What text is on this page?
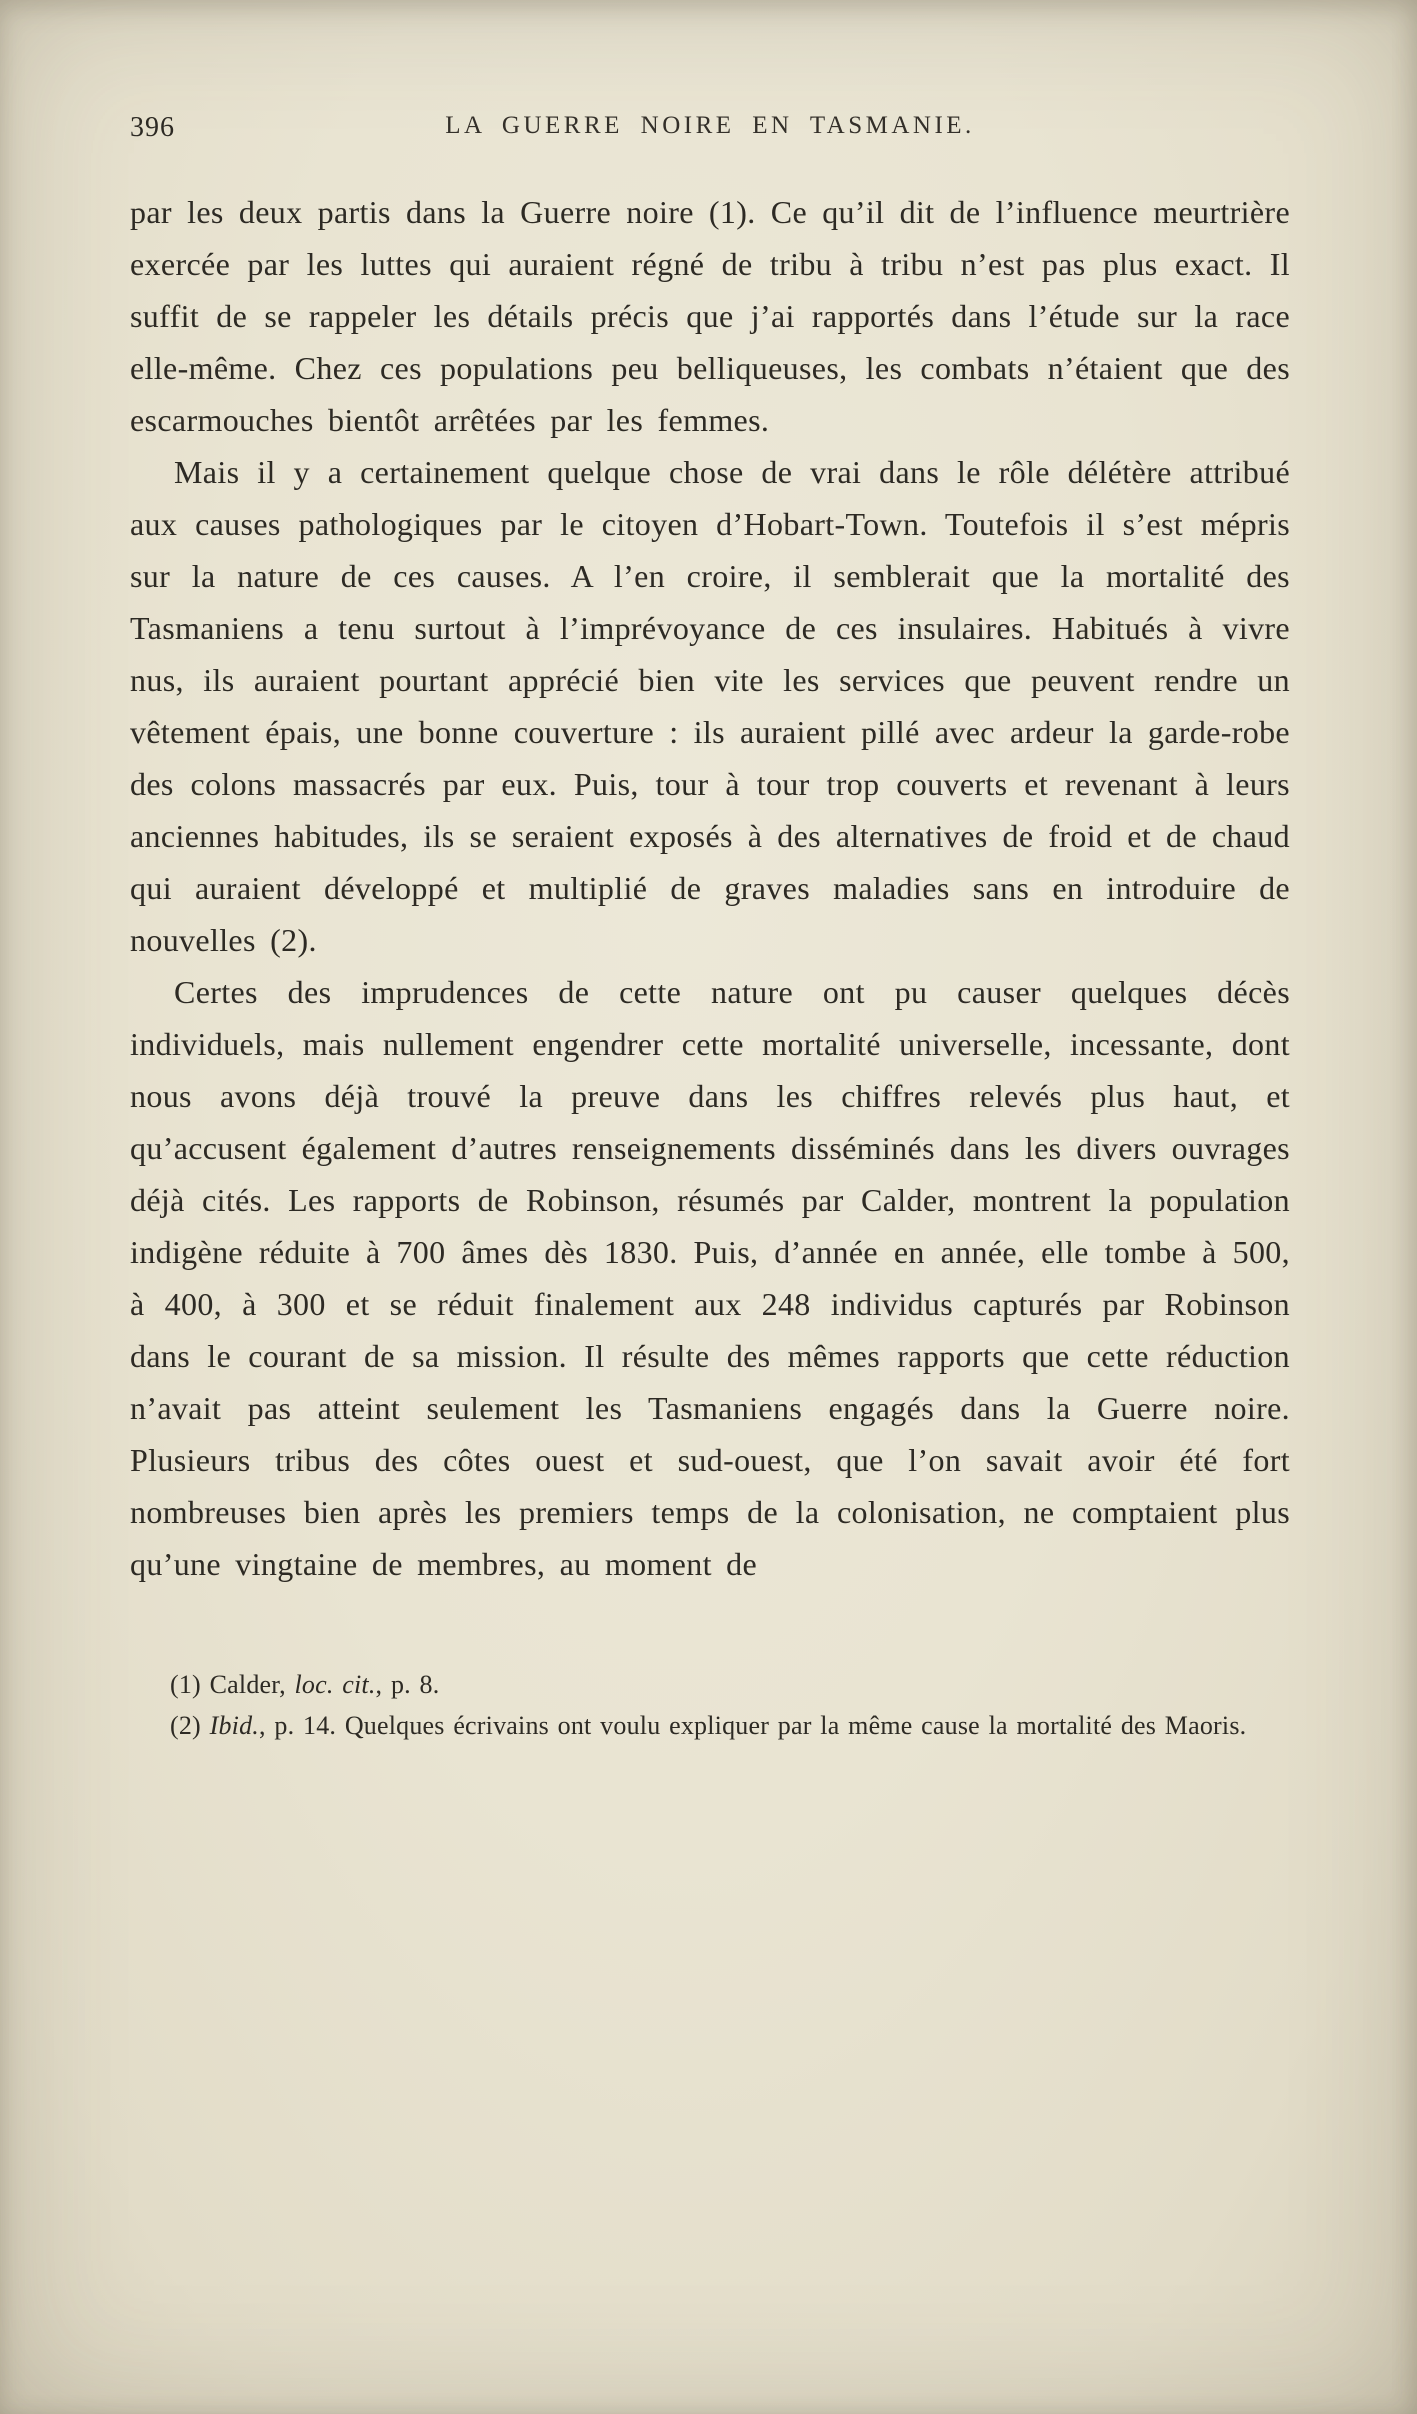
396	LA GUERRE NOIRE EN TASMANIE.

par les deux partis dans la Guerre noire (1). Ce qu’il dit de l’influence meurtrière exercée par les luttes qui auraient régné de tribu à tribu n’est pas plus exact. Il suffit de se rappeler les détails précis que j’ai rapportés dans l’étude sur la race elle-même. Chez ces populations peu belliqueuses, les combats n’étaient que des escarmouches bientôt arrêtées par les femmes.

Mais il y a certainement quelque chose de vrai dans le rôle délétère attribué aux causes pathologiques par le citoyen d’Hobart-Town. Toutefois il s’est mépris sur la nature de ces causes. A l’en croire, il semblerait que la mortalité des Tasmaniens a tenu surtout à l’imprévoyance de ces insulaires. Habitués à vivre nus, ils auraient pourtant apprécié bien vite les services que peuvent rendre un vêtement épais, une bonne couverture : ils auraient pillé avec ardeur la garde-robe des colons massacrés par eux. Puis, tour à tour trop couverts et revenant à leurs anciennes habitudes, ils se seraient exposés à des alternatives de froid et de chaud qui auraient développé et multiplié de graves maladies sans en introduire de nouvelles (2).

Certes des imprudences de cette nature ont pu causer quelques décès individuels, mais nullement engendrer cette mortalité universelle, incessante, dont nous avons déjà trouvé la preuve dans les chiffres relevés plus haut, et qu’accusent également d’autres renseignements disséminés dans les divers ouvrages déjà cités. Les rapports de Robinson, résumés par Calder, montrent la population indigène réduite à 700 âmes dès 1830. Puis, d’année en année, elle tombe à 500, à 400, à 300 et se réduit finalement aux 248 individus capturés par Robinson dans le courant de sa mission. Il résulte des mêmes rapports que cette réduction n’avait pas atteint seulement les Tasmaniens engagés dans la Guerre noire. Plusieurs tribus des côtes ouest et sud-ouest, que l’on savait avoir été fort nombreuses bien après les premiers temps de la colonisation, ne comptaient plus qu’une vingtaine de membres, au moment de

(1) Calder, loc. cit., p. 8.

(2) Ibid., p. 14. Quelques écrivains ont voulu expliquer par la même cause la mortalité des Maoris.
